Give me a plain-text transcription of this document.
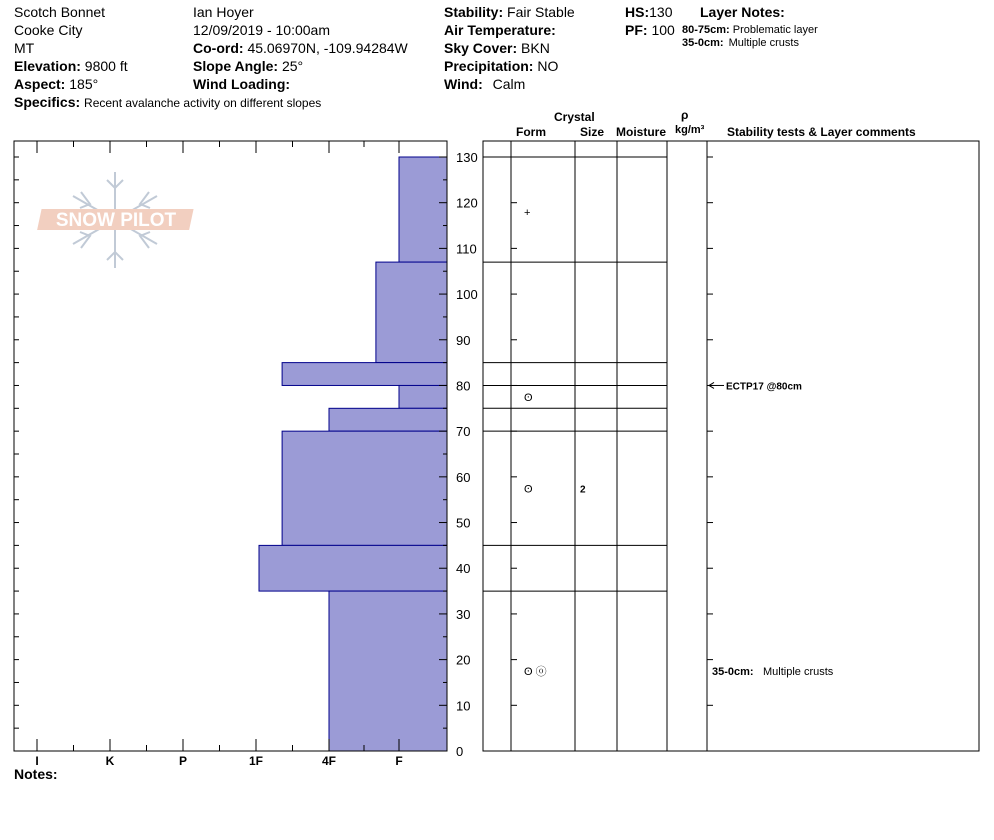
Scotch Bonnet
Cooke City
MT
Elevation: 9800 ft
Aspect: 185°
Specifics: Recent avalanche activity on different slopes
Ian Hoyer
12/09/2019 - 10:00am
Co-ord: 45.06970N, -109.94284W
Slope Angle: 25°
Wind Loading:
Stability: Fair Stable
Air Temperature:
Sky Cover: BKN
Precipitation: NO
Wind: Calm
HS:130
PF: 100
Layer Notes:
80-75cm: Problematic layer
35-0cm: Multiple crusts
Crystal
Form	Size Moisture
ρ
kg/m³ Stability tests & Layer comments
SNOW PILOT
I	K	P	1F	4F	F
0
10
20
30
40
50
60
70
80
90
100
110
120
130
+
ʘ
ʘ	2
ʘ ⓞ
ECTP17 @80cm
35-0cm: Multiple crusts
Notes:
